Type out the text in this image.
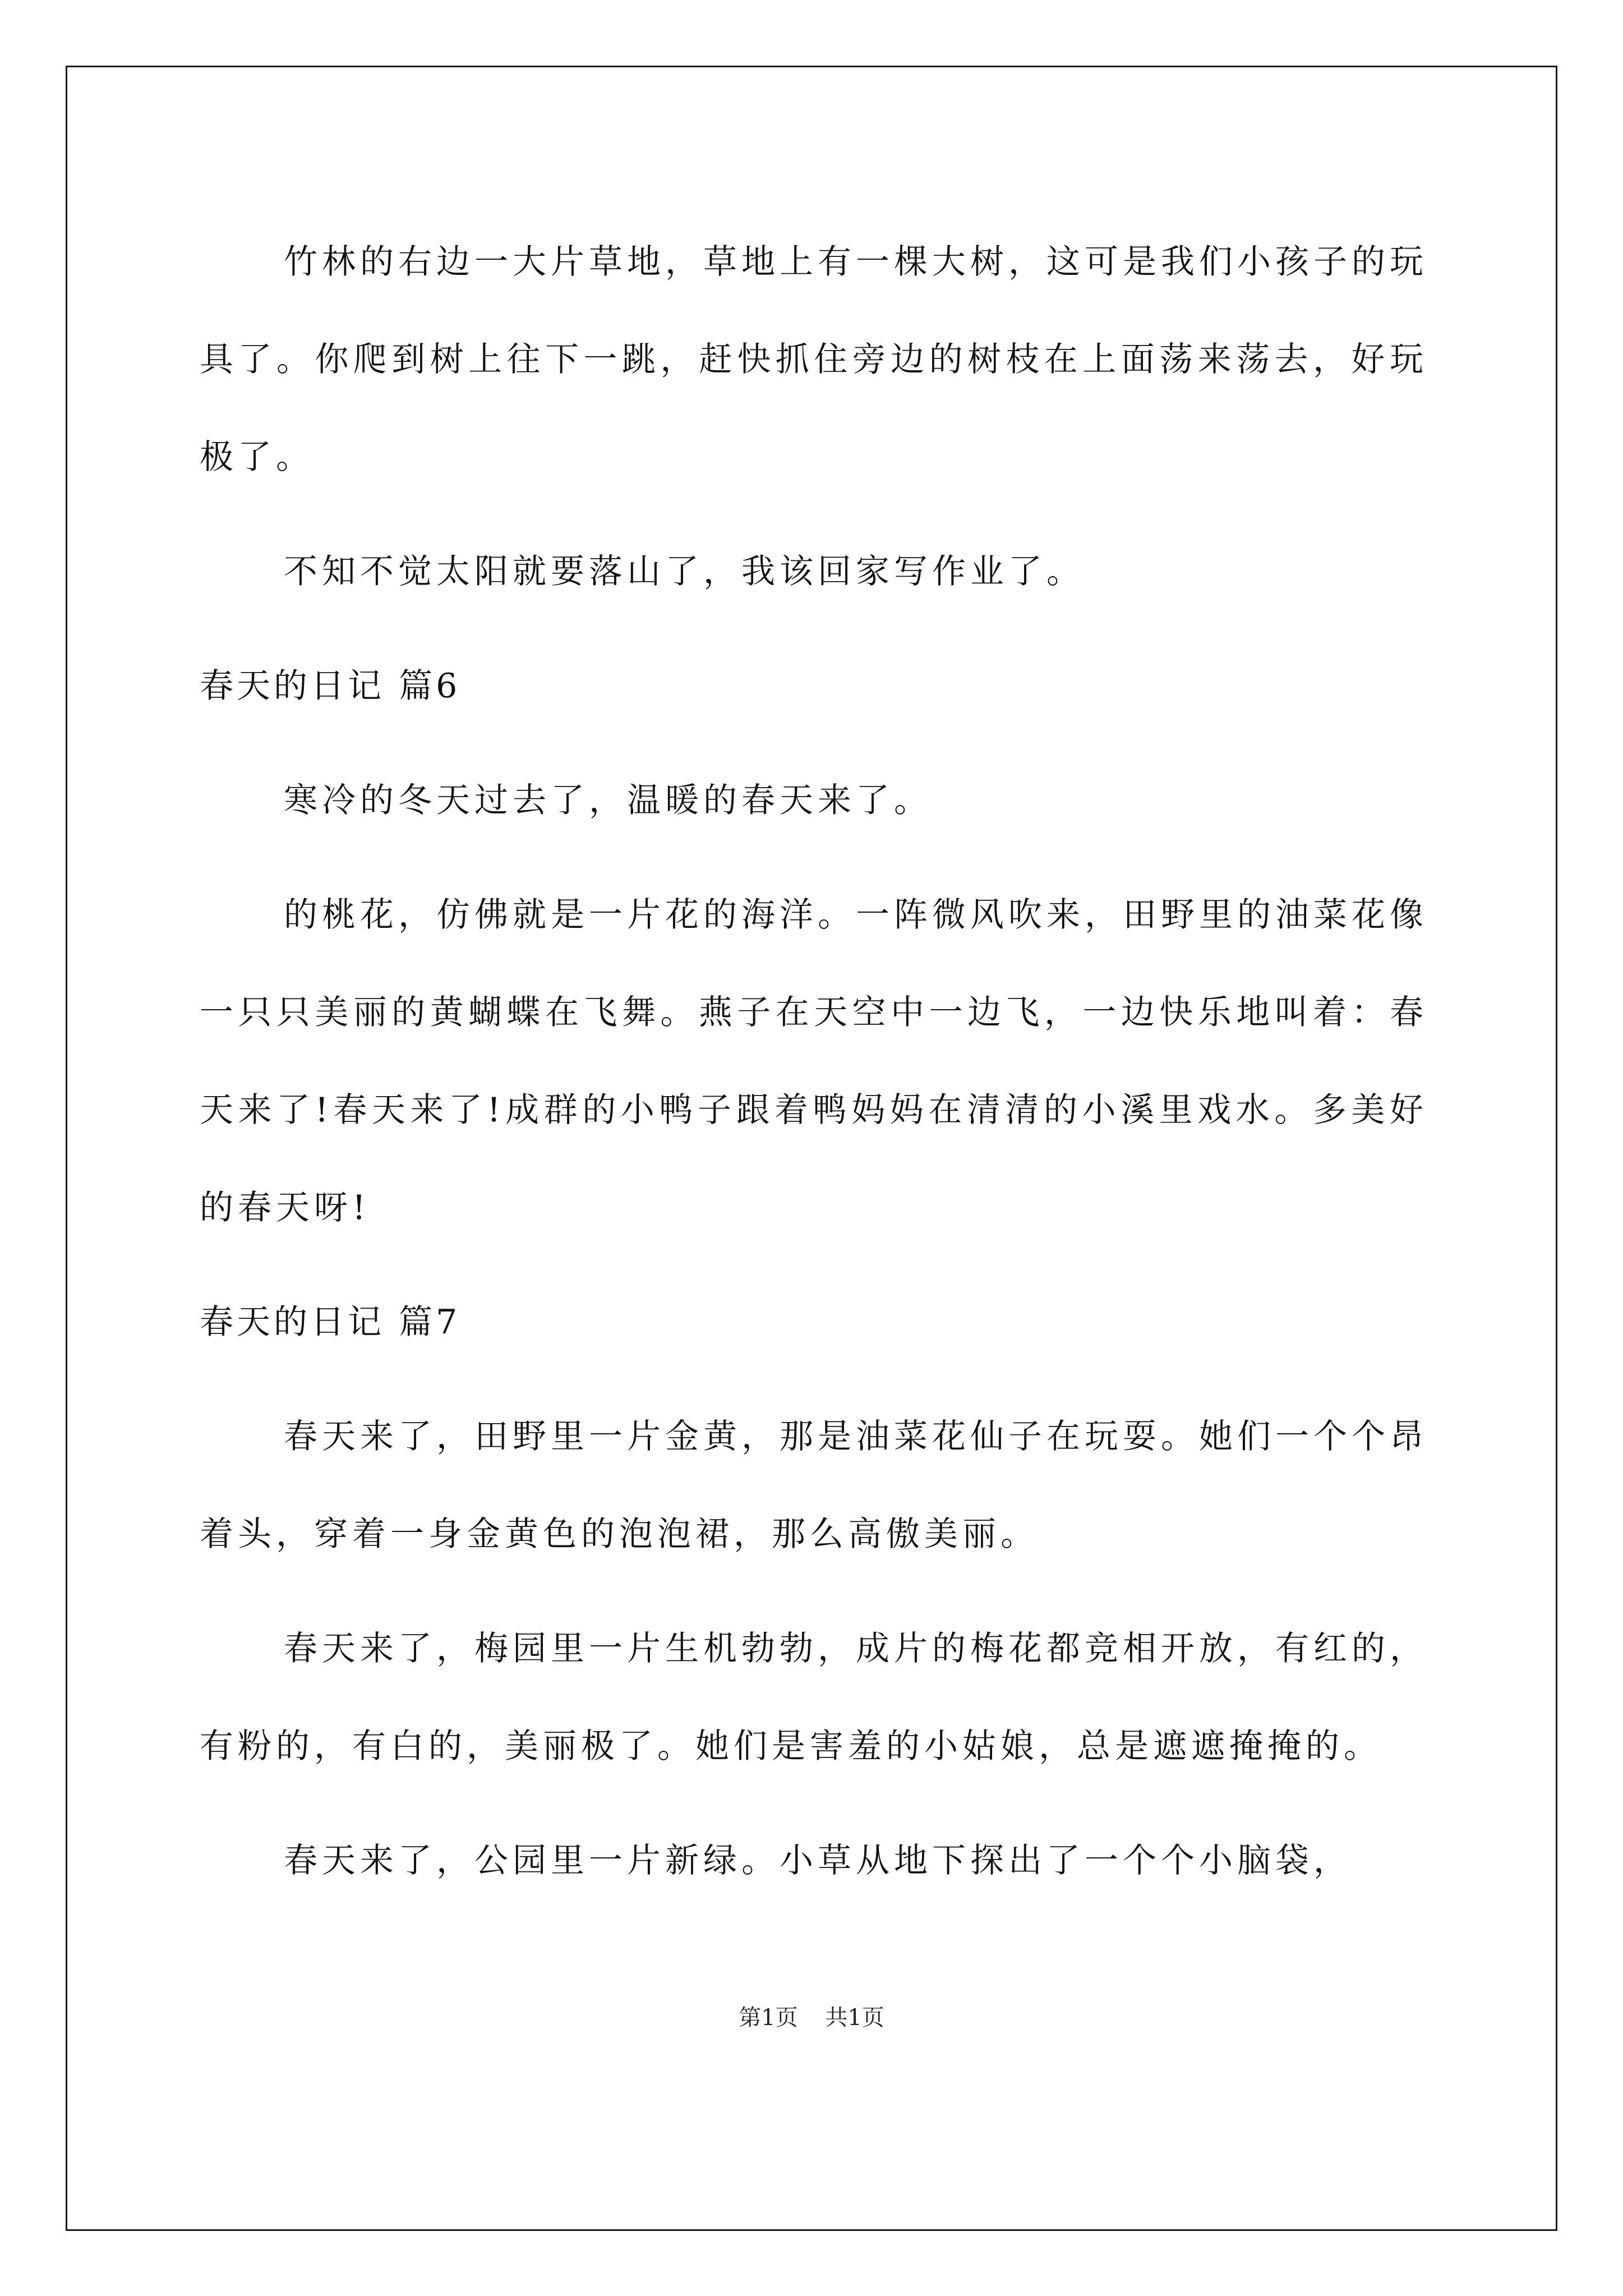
竹林的右边一大片草地，草地上有一棵大树，这可是我们小孩子的玩具了。你爬到树上往下一跳，赶快抓住旁边的树枝在上面荡来荡去，好玩极了。

不知不觉太阳就要落山了，我该回家写作业了。

春天的日记 篇6

寒冷的冬天过去了，温暖的春天来了。

的桃花，仿佛就是一片花的海洋。一阵微风吹来，田野里的油菜花像一只只美丽的黄蝴蝶在飞舞。燕子在天空中一边飞，一边快乐地叫着：春天来了!春天来了!成群的小鸭子跟着鸭妈妈在清清的小溪里戏水。多美好的春天呀!

春天的日记 篇7

春天来了，田野里一片金黄，那是油菜花仙子在玩耍。她们一个个昂着头，穿着一身金黄色的泡泡裙，那么高傲美丽。

春天来了，梅园里一片生机勃勃，成片的梅花都竞相开放，有红的，有粉的，有白的，美丽极了。她们是害羞的小姑娘，总是遮遮掩掩的。

春天来了，公园里一片新绿。小草从地下探出了一个个小脑袋，

第1页 共1页
